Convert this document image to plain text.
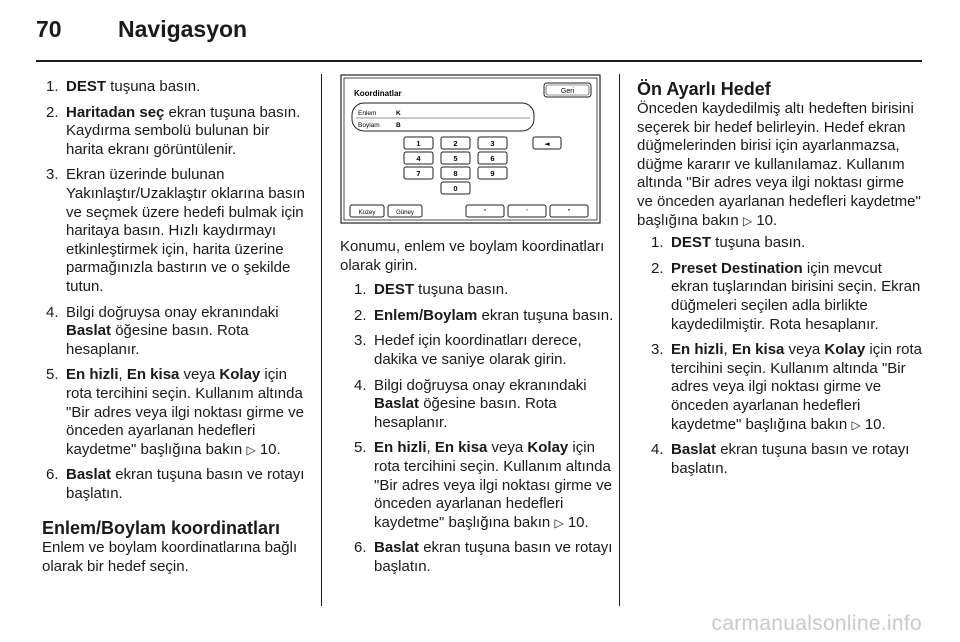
70 Navigasyon
1. DEST tuşuna basın.
2. Haritadan seç ekran tuşuna basın. Kaydırma sembolü bulunan bir harita ekranı görüntülenir.
3. Ekran üzerinde bulunan Yakınlaştır/Uzaklaştır oklarına basın ve seçmek üzere hedefi bulmak için haritaya basın. Hızlı kaydırmayı etkinleştirmek için, harita üzerine parmağınızla bastırın ve o şekilde tutun.
4. Bilgi doğruysa onay ekranındaki Baslat öğesine basın. Rota hesaplanır.
5. En hizli, En kisa veya Kolay için rota tercihini seçin. Kullanım altında "Bir adres veya ilgi noktası girme ve önceden ayarlanan hedefleri kaydetme" başlığına bakın ▷ 10.
6. Baslat ekran tuşuna basın ve rotayı başlatın.
Enlem/Boylam koordinatları

Enlem ve boylam koordinatlarına bağlı olarak bir hedef seçin.

Koordinatlar	Geri
Enlem	K
Boylam	B
1	2	3
4	5	6
7	8	9
0
◄
Kuzey	Güney	°	'	"

Konumu, enlem ve boylam koordinatları olarak girin.

1. DEST tuşuna basın.
2. Enlem/Boylam ekran tuşuna basın.
3. Hedef için koordinatları derece, dakika ve saniye olarak girin.
4. Bilgi doğruysa onay ekranındaki Baslat öğesine basın. Rota hesaplanır.
5. En hizli, En kisa veya Kolay için rota tercihini seçin. Kullanım altında "Bir adres veya ilgi noktası girme ve önceden ayarlanan hedefleri kaydetme" başlığına bakın ▷ 10.
6. Baslat ekran tuşuna basın ve rotayı başlatın.
Ön Ayarlı Hedef

Önceden kaydedilmiş altı hedeften birisini seçerek bir hedef belirleyin. Hedef ekran düğmelerinden birisi için ayarlanmazsa, düğme kararır ve kullanılamaz. Kullanım altında "Bir adres veya ilgi noktası girme ve önceden ayarlanan hedefleri kaydetme" başlığına bakın ▷ 10.

1. DEST tuşuna basın.
2. Preset Destination için mevcut ekran tuşlarından birisini seçin. Ekran düğmeleri seçilen adla birlikte kaydedilmiştir. Rota hesaplanır.
3. En hizli, En kisa veya Kolay için rota tercihini seçin. Kullanım altında "Bir adres veya ilgi noktası girme ve önceden ayarlanan hedefleri kaydetme" başlığına bakın ▷ 10.
4. Baslat ekran tuşuna basın ve rotayı başlatın.
carmanualsonline.info
